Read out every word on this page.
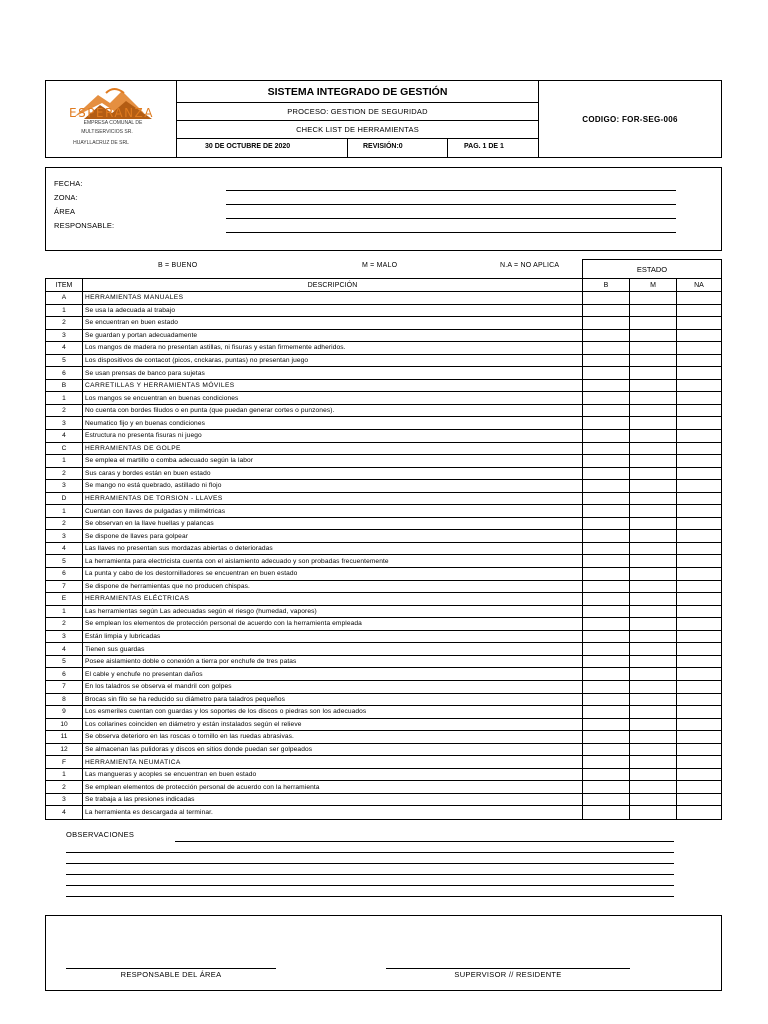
ESPERANZA
EMPRESA COMUNAL DE
MULTISERVICIOS SR.
HUAYLLACRUZ DE SRL
SISTEMA INTEGRADO DE GESTIÓN
PROCESO: GESTION DE SEGURIDAD
CHECK LIST DE HERRAMIENTAS
30 DE OCTUBRE DE 2020	REVISIÓN:0	PAG. 1 DE 1
CODIGO: FOR-SEG-006
FECHA:
ZONA:
ÁREA
RESPONSABLE:
B = BUENO	M = MALO	N.A = NO APLICA	ESTADO
ITEM	DESCRIPCIÓN	B	M	NA
A	HERRAMIENTAS MANUALES
1	Se usa la adecuada al trabajo
2	Se encuentran en buen estado
3	Se guardan y portan adecuadamente
4	Los mangos de madera no presentan astillas, ni fisuras y estan firmemente adheridos.
5	Los dispositivos de contacot (picos, cnckaras, puntas) no presentan juego
6	Se usan prensas de banco para sujetas
B	CARRETILLAS Y HERRAMIENTAS MÓVILES
1	Los mangos se encuentran en buenas condiciones
2	No cuenta con bordes filudos o en punta (que puedan generar cortes o punzones).
3	Neumatico fijo y en buenas condiciones
4	Estructura no presenta fisuras ni juego
C	HERRAMIENTAS DE GOLPE
1	Se emplea el martillo o comba adecuado según la labor
2	Sus caras y bordes están en buen estado
3	Se mango no está quebrado, astillado ni flojo
D	HERRAMIENTAS DE TORSION - LLAVES
1	Cuentan con llaves de pulgadas y milimétricas
2	Se observan en la llave huellas y palancas
3	Se dispone de llaves para golpear
4	Las llaves no presentan sus mordazas abiertas o deterioradas
5	La herramienta para electricista cuenta con el aislamiento adecuado y son probadas frecuentemente
6	La punta y cabo de los destornilladores se encuentran en buen estado
7	Se dispone de herramientas que no producen chispas.
E	HERRAMIENTAS ELÉCTRICAS
1	Las herramientas según Las adecuadas según el riesgo (humedad, vapores)
2	Se emplean los elementos de protección personal de acuerdo con la herramienta empleada
3	Están limpia y lubricadas
4	Tienen sus guardas
5	Posee aislamiento doble o conexión a tierra por enchufe de tres patas
6	El cable y enchufe no presentan daños
7	En los taladros se observa el mandril con golpes
8	Brocas sin filo se ha reducido su diámetro para taladros pequeños
9	Los esmeriles cuentan con guardas y los soportes de los discos o piedras son los adecuados
10	Los collarines coinciden en diámetro y están instalados según el relieve
11	Se observa deterioro en las roscas o tornillo en las ruedas abrasivas.
12	Se almacenan las pulidoras y discos en sitios donde puedan ser golpeados
F	HERRAMIENTA NEUMATICA
1	Las mangueras y acoples se encuentran en buen estado
2	Se emplean elementos de protección personal de acuerdo con la herramienta
3	Se trabaja a las presiones indicadas
4	La herramienta es descargada al terminar.
OBSERVACIONES
RESPONSABLE DEL ÁREA	SUPERVISOR // RESIDENTE
